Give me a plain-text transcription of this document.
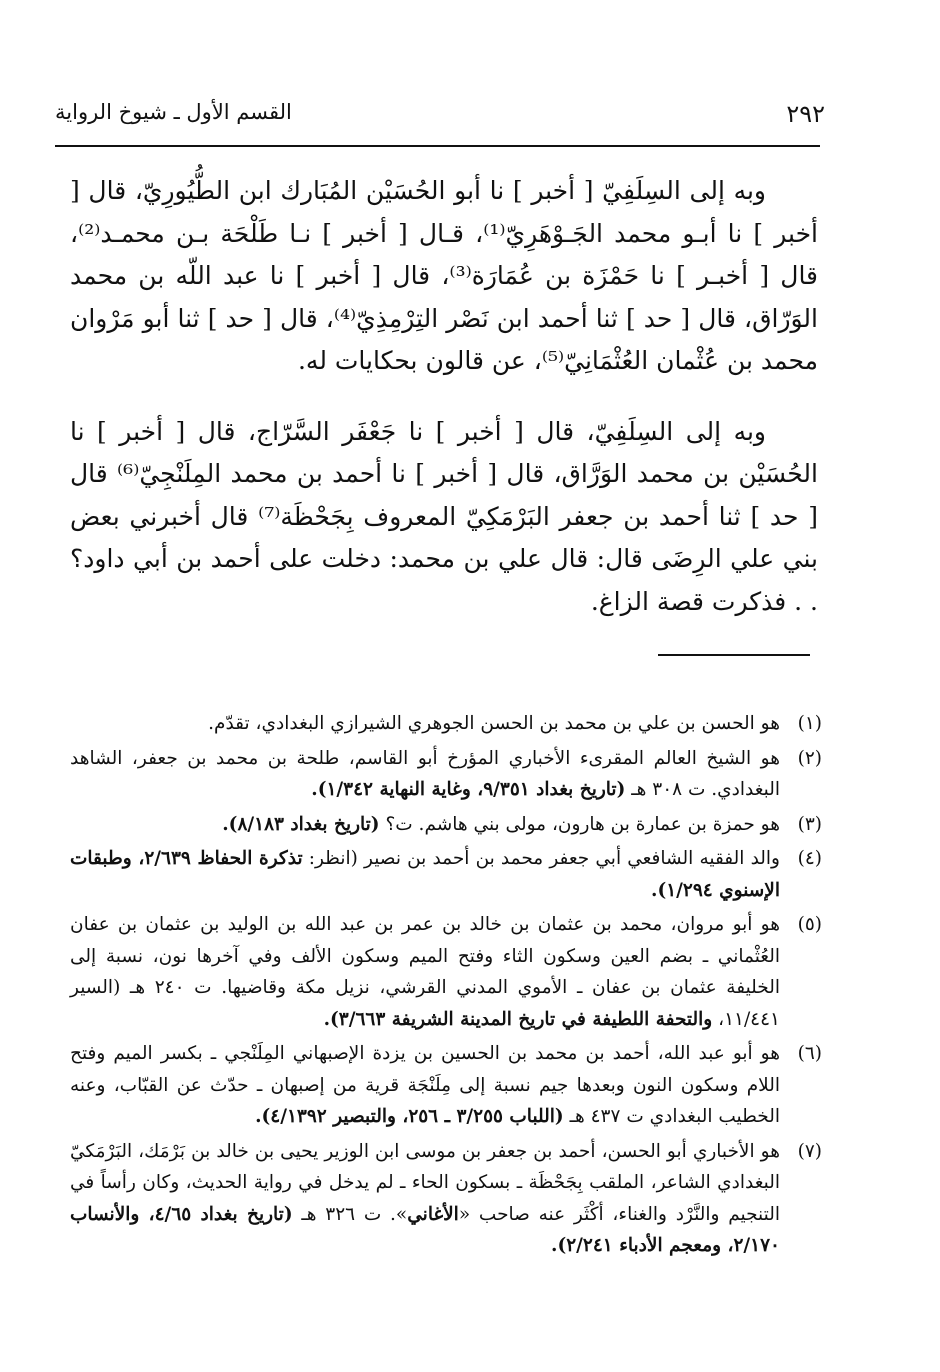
٢٩٢
القسم الأول ـ شيوخ الرواية

وبه إلى السِلَفِيّ [ أخبر ] نا أبو الحُسَيْن المُبَارك ابن الطُّيُورِيّ، قال [ أخبر ] نا أبـو محمد الجَـوْهَرِيّ⁽¹⁾، قـال [ أخبر ] نـا طَلْحَة بـن محمـد⁽²⁾، قال [ أخبـر ] نا حَمْزَة بن عُمَارَة⁽³⁾، قال [ أخبر ] نا عبد اللّه بن محمد الوَرّاق، قال [ حد ] ثنا أحمد ابن نَصْر التِرْمِذِيّ⁽⁴⁾، قال [ حد ] ثنا أبو مَرْوان محمد بن عُثْمان العُثْمَانِيّ⁽⁵⁾، عن قالون بحكايات له.

وبه إلى السِلَفِيّ، قال [ أخبر ] نا جَعْفَر السَّرّاج، قال [ أخبر ] نا الحُسَيْن بن محمد الوَرَّاق، قال [ أخبر ] نا أحمد بن محمد المِلَنْجِيّ⁽⁶⁾ قال [ حد ] ثنا أحمد بن جعفر البَرْمَكِيّ المعروف بِجَحْظَة⁽⁷⁾ قال أخبرني بعض بني علي الرِضَى قال: قال علي بن محمد: دخلت على أحمد بن أبي داود؟ . . فذكرت قصة الزاغ.

(١)
هو الحسن بن علي بن محمد بن الحسن الجوهري الشيرازي البغدادي، تقدّم.

(٢)
هو الشيخ العالم المقرىء الأخباري المؤرخ أبو القاسم، طلحة بن محمد بن جعفر، الشاهد البغدادي. ت ٣٠٨ هـ (تاريخ بغداد ٩/٣٥١، وغاية النهاية ١/٣٤٢).

(٣)
هو حمزة بن عمارة بن هارون، مولى بني هاشم. ت؟ (تاريخ بغداد ٨/١٨٣).

(٤)
والد الفقيه الشافعي أبي جعفر محمد بن أحمد بن نصير (انظر: تذكرة الحفاظ ٢/٦٣٩، وطبقات الإسنوي ١/٢٩٤).

(٥)
هو أبو مروان، محمد بن عثمان بن خالد بن عمر بن عبد الله بن الوليد بن عثمان بن عفان العُثْماني ـ بضم العين وسكون الثاء وفتح الميم وسكون الألف وفي آخرها نون، نسبة إلى الخليفة عثمان بن عفان ـ الأموي المدني القرشي، نزيل مكة وقاضيها. ت ٢٤٠ هـ (السير ١١/٤٤١، والتحفة اللطيفة في تاريخ المدينة الشريفة ٣/٦٦٣).

(٦)
هو أبو عبد الله، أحمد بن محمد بن الحسين بن يزدة الإصبهاني المِلَنْجي ـ بكسر الميم وفتح اللام وسكون النون وبعدها جيم نسبة إلى مِلَنْجَة قرية من إصبهان ـ حدّث عن القبّاب، وعنه الخطيب البغدادي ت ٤٣٧ هـ (اللباب ٣/٢٥٥ ـ ٢٥٦، والتبصير ٤/١٣٩٢).

(٧)
هو الأخباري أبو الحسن، أحمد بن جعفر بن موسى ابن الوزير يحيى بن خالد بن بَرْمَك، البَرْمَكيّ البغدادي الشاعر، الملقب بِجَحْظَة ـ بسكون الحاء ـ لم يدخل في رواية الحديث، وكان رأساً في التنجيم والنَّرْد والغناء، أكْثَر عنه صاحب «الأغاني». ت ٣٢٦ هـ (تاريخ بغداد ٤/٦٥، والأنساب ٢/١٧٠، ومعجم الأدباء ٢/٢٤١).
